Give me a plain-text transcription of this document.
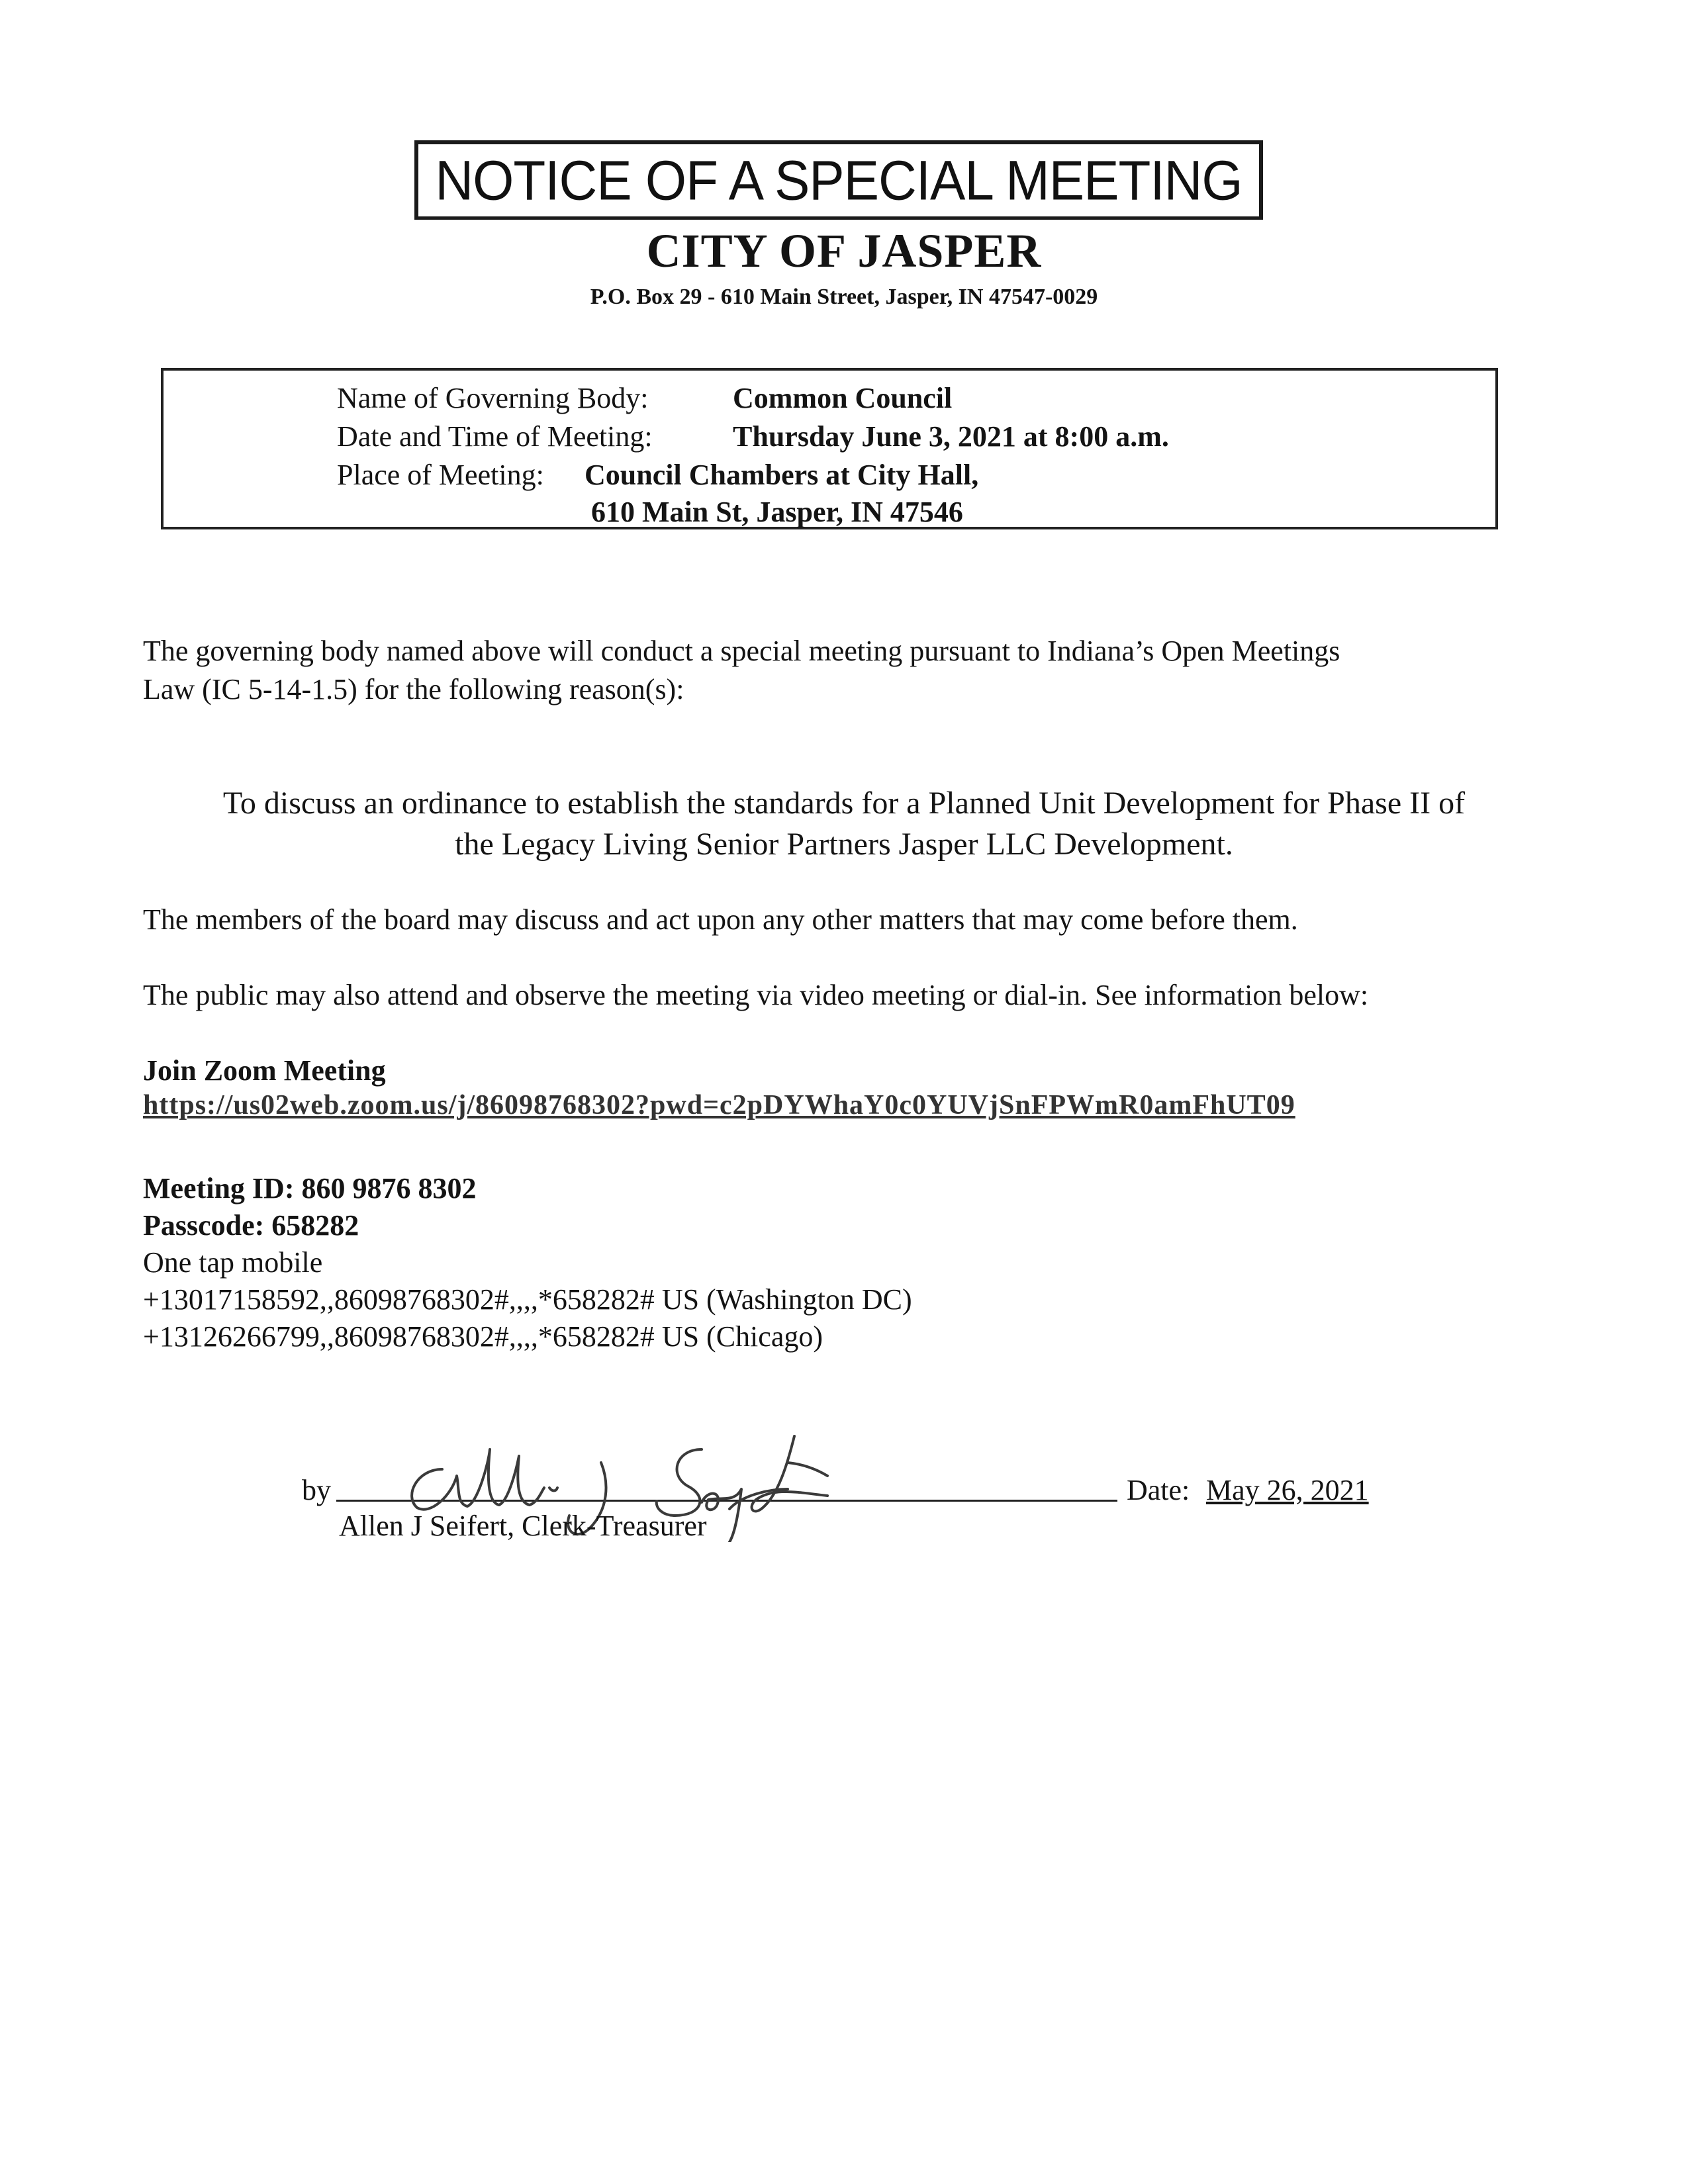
NOTICE OF A SPECIAL MEETING
CITY OF JASPER
P.O. Box 29 - 610 Main Street, Jasper, IN 47547-0029
Name of Governing Body:	Common Council
Date and Time of Meeting:	Thursday June 3, 2021 at 8:00 a.m.
Place of Meeting: Council Chambers at City Hall,
610 Main St, Jasper, IN 47546
The governing body named above will conduct a special meeting pursuant to Indiana’s Open Meetings
Law (IC 5-14-1.5) for the following reason(s):
To discuss an ordinance to establish the standards for a Planned Unit Development for Phase II of
the Legacy Living Senior Partners Jasper LLC Development.
The members of the board may discuss and act upon any other matters that may come before them.
The public may also attend and observe the meeting via video meeting or dial-in. See information below:
Join Zoom Meeting
https://us02web.zoom.us/j/86098768302?pwd=c2pDYWhaY0c0YUVjSnFPWmR0amFhUT09
Meeting ID: 860 9876 8302
Passcode: 658282
One tap mobile
+13017158592,,86098768302#,,,,*658282# US (Washington DC)
+13126266799,,86098768302#,,,,*658282# US (Chicago)
by
Allen J Seifert, Clerk-Treasurer
Date: May 26, 2021
